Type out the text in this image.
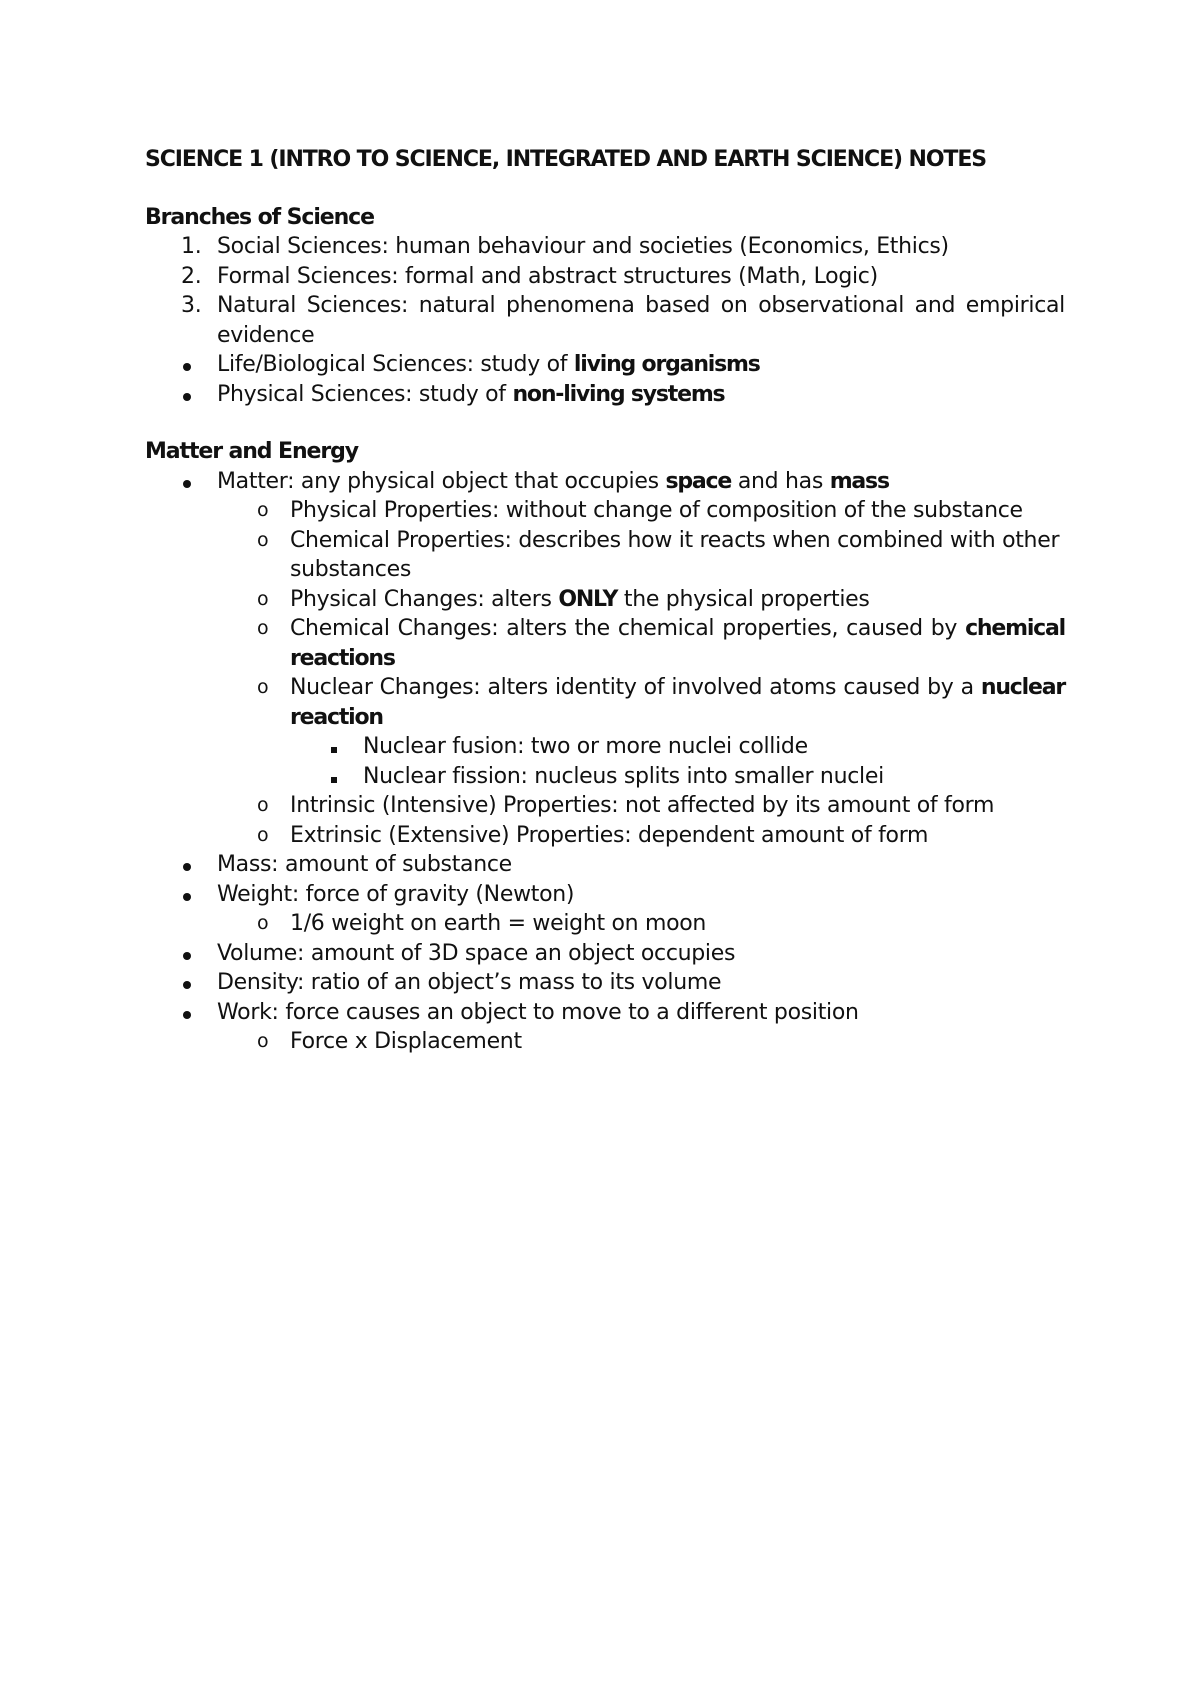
SCIENCE 1 (INTRO TO SCIENCE, INTEGRATED AND EARTH SCIENCE) NOTES
Branches of Science
1. Social Sciences: human behaviour and societies (Economics, Ethics)
2. Formal Sciences: formal and abstract structures (Math, Logic)
3. Natural Sciences: natural phenomena based on observational and empirical evidence
Life/Biological Sciences: study of living organisms
Physical Sciences: study of non-living systems
Matter and Energy
Matter: any physical object that occupies space and has mass
o Physical Properties: without change of composition of the substance
o Chemical Properties: describes how it reacts when combined with other substances
o Physical Changes: alters ONLY the physical properties
o Chemical Changes: alters the chemical properties, caused by chemical reactions
o Nuclear Changes: alters identity of involved atoms caused by a nuclear reaction
Nuclear fusion: two or more nuclei collide
Nuclear fission: nucleus splits into smaller nuclei
o Intrinsic (Intensive) Properties: not affected by its amount of form
o Extrinsic (Extensive) Properties: dependent amount of form
Mass: amount of substance
Weight: force of gravity (Newton)
o 1/6 weight on earth = weight on moon
Volume: amount of 3D space an object occupies
Density: ratio of an object’s mass to its volume
Work: force causes an object to move to a different position
o Force x Displacement
